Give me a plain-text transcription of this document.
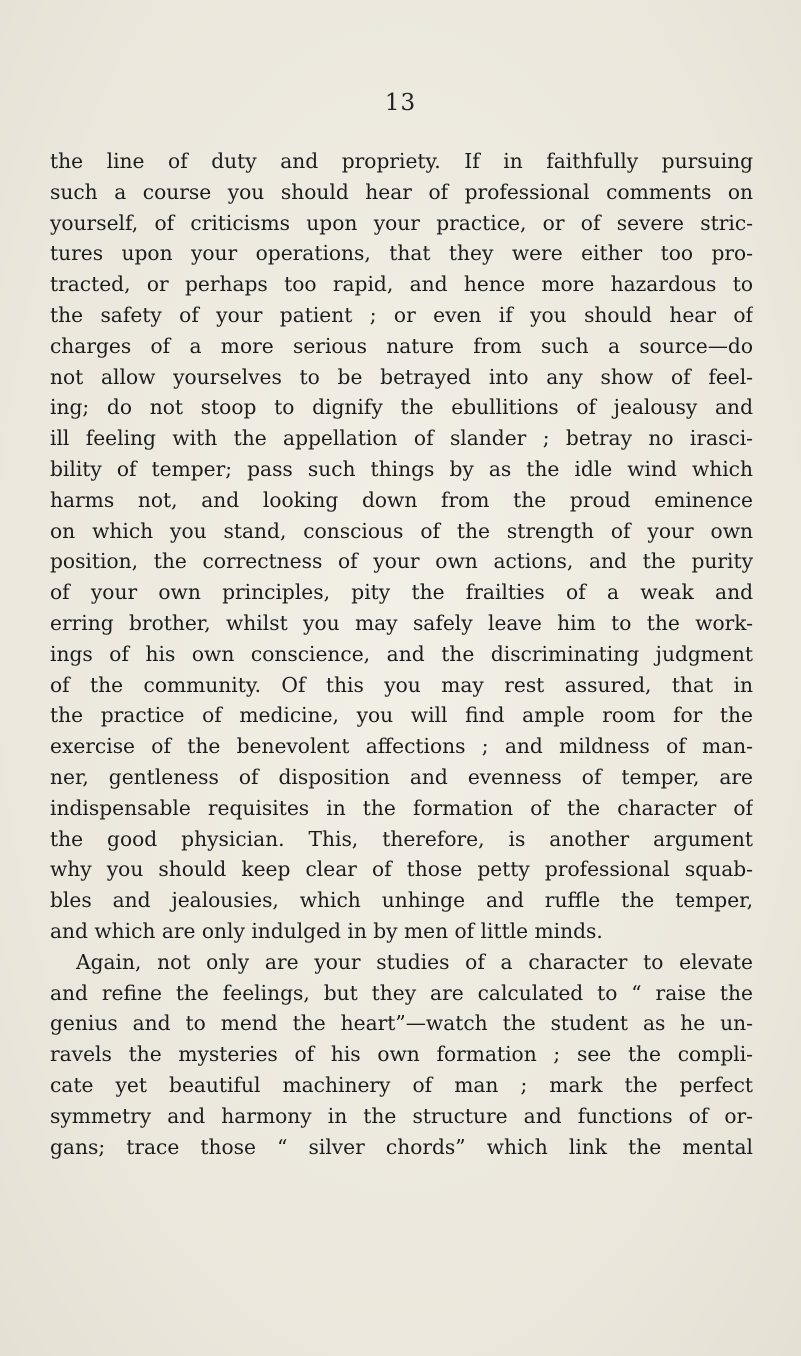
13
the line of duty and propriety. If in faithfully pursuing
such a course you should hear of professional comments on
yourself, of criticisms upon your practice, or of severe stric-
tures upon your operations, that they were either too pro-
tracted, or perhaps too rapid, and hence more hazardous to
the safety of your patient ; or even if you should hear of
charges of a more serious nature from such a source—do
not allow yourselves to be betrayed into any show of feel-
ing; do not stoop to dignify the ebullitions of jealousy and
ill feeling with the appellation of slander ; betray no irasci-
bility of temper; pass such things by as the idle wind which
harms not, and looking down from the proud eminence
on which you stand, conscious of the strength of your own
position, the correctness of your own actions, and the purity
of your own principles, pity the frailties of a weak and
erring brother, whilst you may safely leave him to the work-
ings of his own conscience, and the discriminating judgment
of the community. Of this you may rest assured, that in
the practice of medicine, you will find ample room for the
exercise of the benevolent affections ; and mildness of man-
ner, gentleness of disposition and evenness of temper, are
indispensable requisites in the formation of the character of
the good physician. This, therefore, is another argument
why you should keep clear of those petty professional squab-
bles and jealousies, which unhinge and ruffle the temper,
and which are only indulged in by men of little minds.
Again, not only are your studies of a character to elevate
and refine the feelings, but they are calculated to “ raise the
genius and to mend the heart”—watch the student as he un-
ravels the mysteries of his own formation ; see the compli-
cate yet beautiful machinery of man ; mark the perfect
symmetry and harmony in the structure and functions of or-
gans; trace those “ silver chords” which link the mental
